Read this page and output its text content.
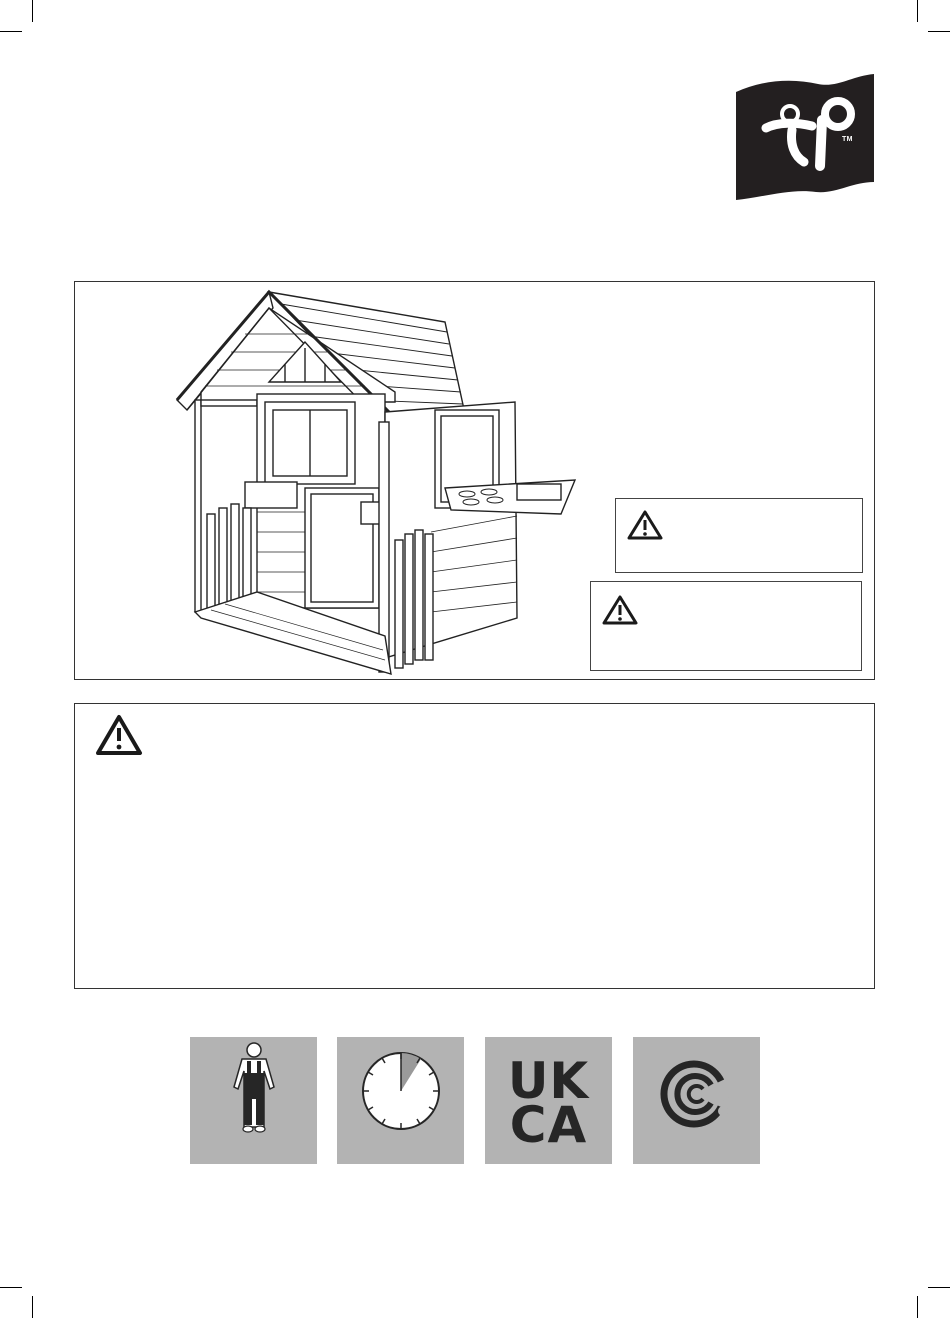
TM
UK
CA
